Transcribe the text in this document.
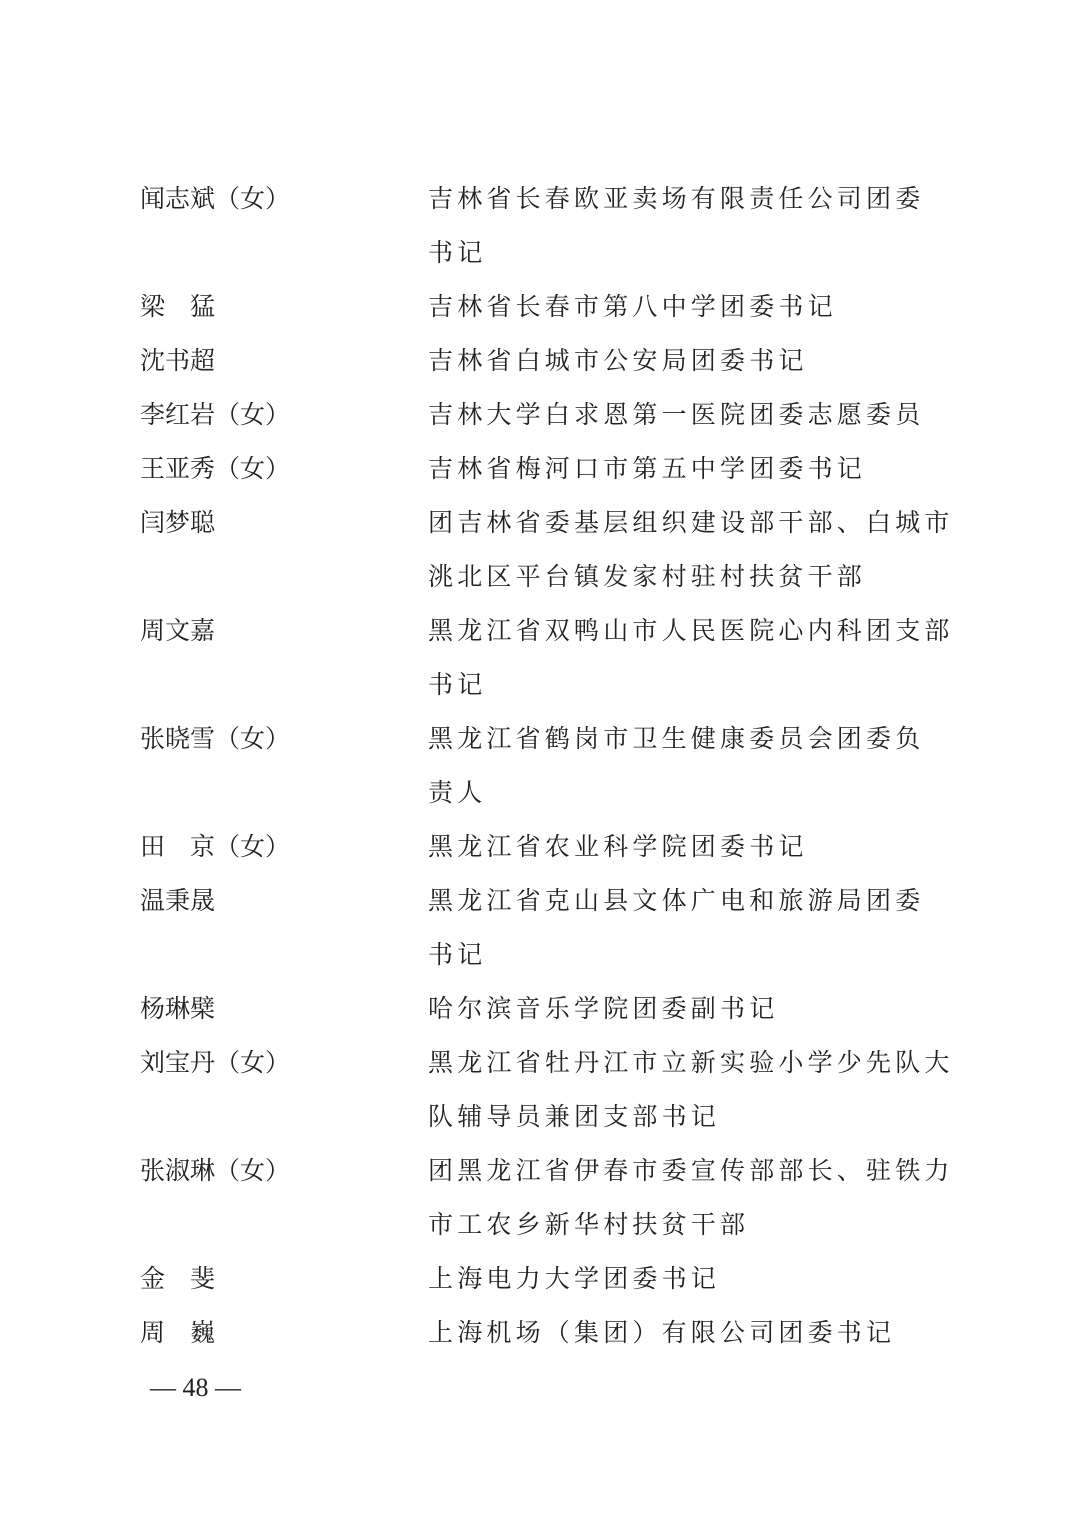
闻志斌（女）	吉林省长春欧亚卖场有限责任公司团委
书记
梁　猛	吉林省长春市第八中学团委书记
沈书超	吉林省白城市公安局团委书记
李红岩（女）	吉林大学白求恩第一医院团委志愿委员
王亚秀（女）	吉林省梅河口市第五中学团委书记
闫梦聪	团吉林省委基层组织建设部干部、白城市
洮北区平台镇发家村驻村扶贫干部
周文嘉	黑龙江省双鸭山市人民医院心内科团支部
书记
张晓雪（女）	黑龙江省鹤岗市卫生健康委员会团委负
责人
田　京（女）	黑龙江省农业科学院团委书记
温秉晟	黑龙江省克山县文体广电和旅游局团委
书记
杨琳檗	哈尔滨音乐学院团委副书记
刘宝丹（女）	黑龙江省牡丹江市立新实验小学少先队大
队辅导员兼团支部书记
张淑琳（女）	团黑龙江省伊春市委宣传部部长、驻铁力
市工农乡新华村扶贫干部
金　斐	上海电力大学团委书记
周　巍	上海机场（集团）有限公司团委书记
— 48 —
